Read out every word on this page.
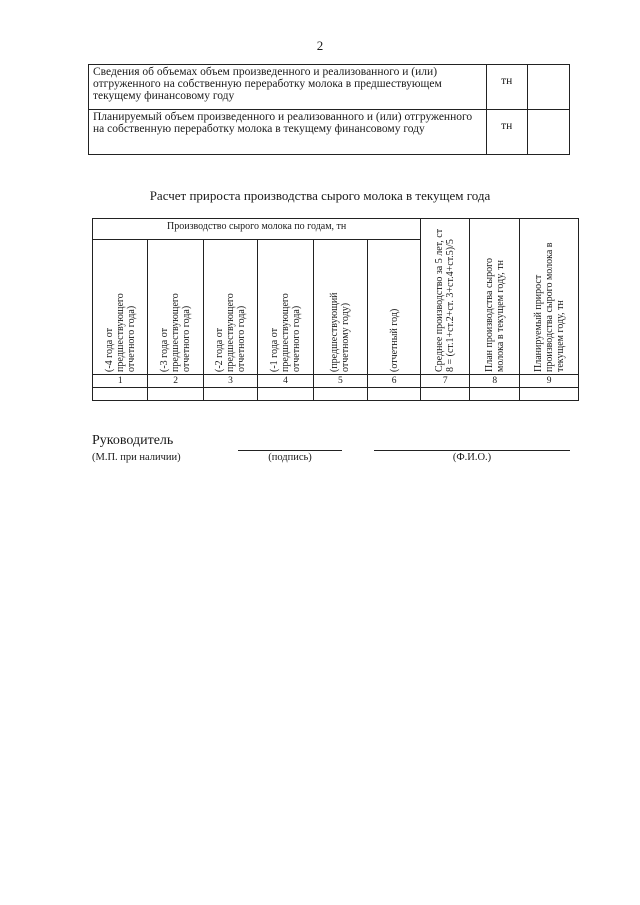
2
Сведения об объемах объем произведенного и реализованного и (или) отгруженного на собственную переработку молока в предшествующем текущему финансовому году	тн	
Планируемый объем произведенного и реализованного и (или) отгруженного на собственную переработку молока в текущему финансовому году	тн	
Расчет прироста производства сырого молока в текущем года
Производство сырого молока по годам, тн						Среднее производство за 5 лет, ст 8 = (ст.1+ст.2+ст. 3+ст.4+ст.5)/5	План производства сырого молока в текущем году, тн	Планируемый прирост производства сырого молока в текущем году, тн

(-4 года от предшествующего отчетного года)	(-3 года от предшествующего отчетного года)	(-2 года от предшествующего отчетного года)	(-1 года от предшествующего отчетного года)	(предшествующий отчетному году)	(отчетный год)			

1	2	3	4	5	6	7	8	9

Руководитель
(М.П. при наличии)	(подпись)	(Ф.И.О.)
